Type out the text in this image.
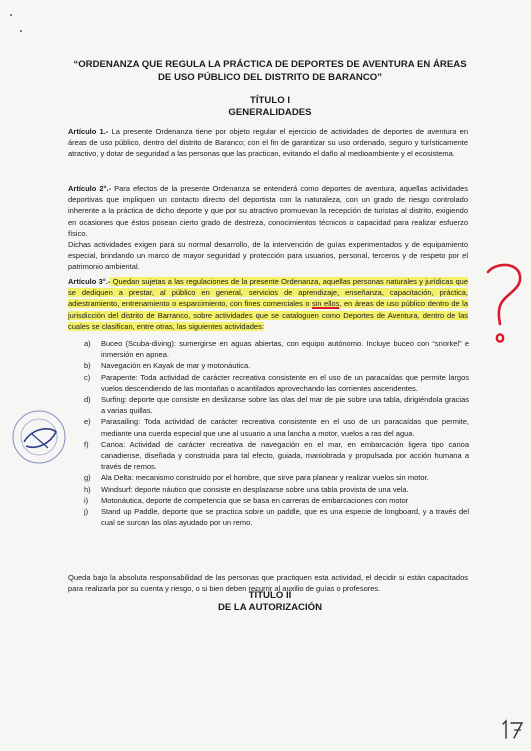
“ORDENANZA QUE REGULA LA PRÁCTICA DE DEPORTES DE AVENTURA EN ÁREAS DE USO PÚBLICO DEL DISTRITO DE BARANCO”
TÍTULO I
GENERALIDADES

Artículo 1.- La presente Ordenanza tiene por objeto regular el ejercicio de actividades de deportes de aventura en áreas de uso público, dentro del distrito de Baranco; con el fin de garantizar su uso ordenado, seguro y turísticamente atractivo, y dotar de seguridad a las personas que las practican, evitando el daño al medioambiente y el ecosistema.

Artículo 2°.- Para efectos de la presente Ordenanza se entenderá como deportes de aventura, aquellas actividades deportivas que impliquen un contacto directo del deportista con la naturaleza, con un grado de riesgo controlado inherente a la práctica de dicho deporte y que por su atractivo promuevan la recepción de turistas al distrito, exigiendo en ocasiones que éstos posean cierto grado de destreza, conocimientos técnicos o capacidad para realizar esfuerzo físico.

Dichas actividades exigen para su normal desarrollo, de la intervención de guías experimentados y de equipamiento especial, brindando un marco de mayor seguridad y protección para usuarios, personal, terceros y de respeto por el patrimonio ambiental.

Artículo 3°.- Quedan sujetas a las regulaciones de la presente Ordenanza, aquellas personas naturales y jurídicas que se dediquen a prestar, al público en general, servicios de aprendizaje, enseñanza, capacitación, práctica, adiestramiento, entrenamiento o esparcimiento, con fines comerciales o sin ellos, en áreas de uso público dentro de la jurisdicción del distrito de Barranco, sobre actividades que se cataloguen como Deportes de Aventura, dentro de las cuales se clasifican, entre otras, las siguientes actividades:

a)	Buceo (Scuba-diving): sumergirse en aguas abiertas, con equipo autónomo. Incluye buceo con “snorkel” e inmersión en apnea.
b)	Navegación en Kayak de mar y motonáutica.
c)	Parapente: Toda actividad de carácter recreativa consistente en el uso de un paracaídas que permite largos vuelos descendiendo de las montañas o acantilados aprovechando las corrientes ascendentes.
d)	Surfing: deporte que consiste en deslizarse sobre las olas del mar de pie sobre una tabla, dirigiéndola gracias a varias quillas.
e)	Parasailing: Toda actividad de carácter recreativa consistente en el uso de un paracaídas que permite, mediante una cuerda especial que une al usuario a una lancha a motor, vuelos a ras del agua.
f)	Canoa: Actividad de carácter recreativa de navegación en el mar, en embarcación ligera tipo canoa canadiense, diseñada y construida para tal efecto, guiada, maniobrada y propulsada por acción humana a través de remos.
g)	Ala Delta: mecanismo construido por el hombre, que sirve para planear y realizar vuelos sin motor.
h)	Windsurf: deporte náutico que consiste en desplazarse sobre una tabla provista de una vela.
i)	Motonáutica, deporte de competencia que se basa en carreras de embarcaciones con motor
j)	Stand up Paddle, deporte que se practica sobre un paddle, que es una especie de longboard, y a través del cual se surcan las olas ayudado por un remo.

Queda bajo la absoluta responsabilidad de las personas que practiquen esta actividad, el decidir si están capacitados para realizarla por su cuenta y riesgo, o si bien deben recurrir al auxilio de guías o profesores.

TÍTULO II
DE LA AUTORIZACIÓN
